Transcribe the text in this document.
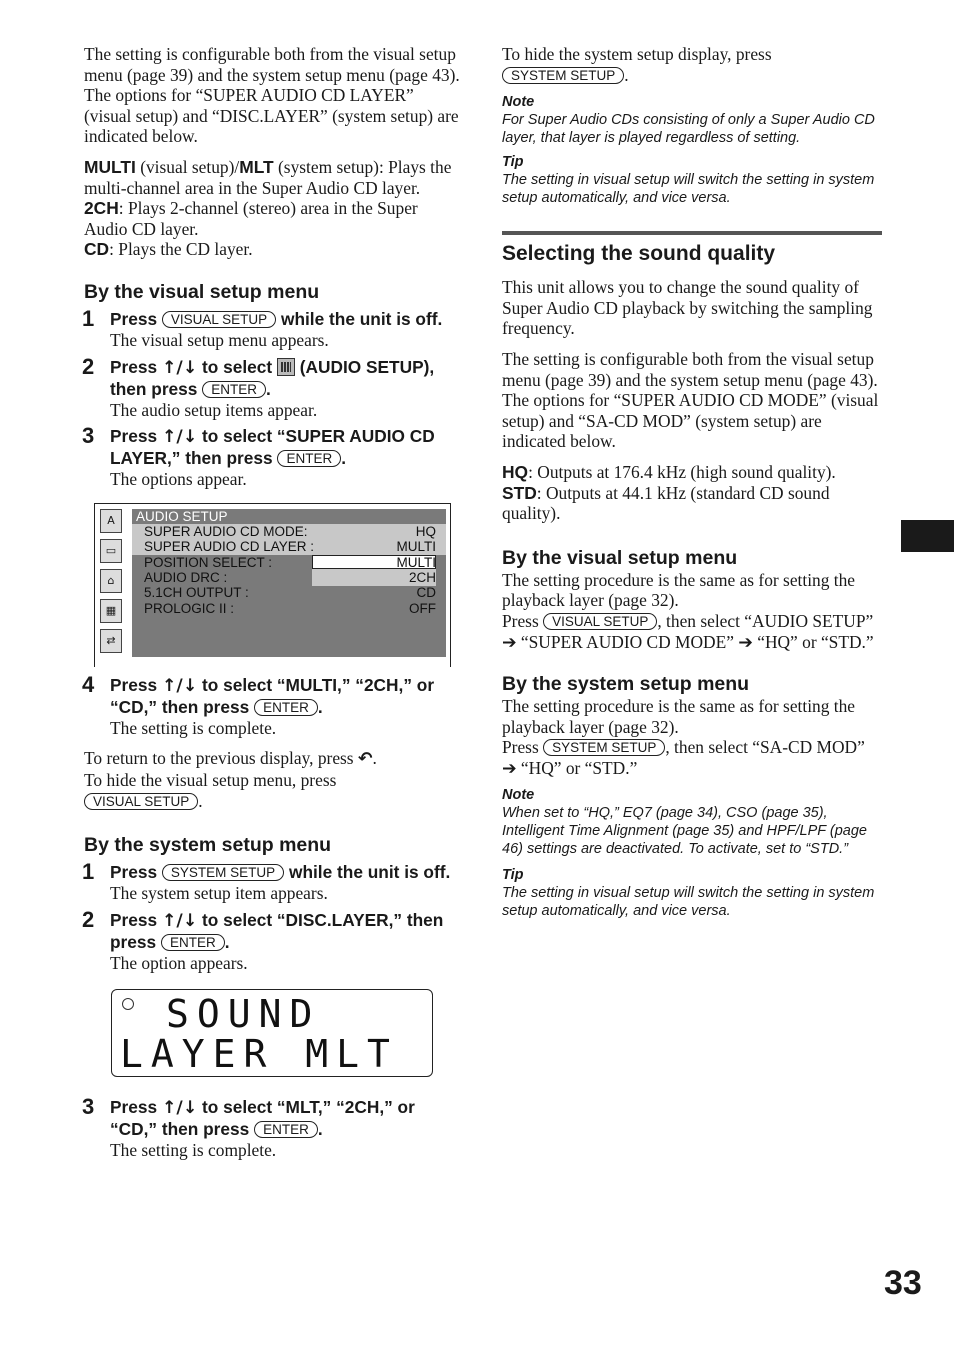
The setting is configurable both from the visual setup menu (page 39) and the system setup menu (page 43).

The options for “SUPER AUDIO CD LAYER” (visual setup) and “DISC.LAYER” (system setup) are indicated below.

MULTI (visual setup)/MLT (system setup): Plays the multi-channel area in the Super Audio CD layer.

2CH: Plays 2-channel (stereo) area in the Super Audio CD layer.

CD: Plays the CD layer.

By the visual setup menu
1 Press VISUAL SETUP while the unit is off.
The visual setup menu appears.
2 Press ↑/↓ to select (AUDIO SETUP), then press ENTER .
The audio setup items appear.
3 Press ↑/↓ to select “SUPER AUDIO CD LAYER,” then press ENTER .
The options appear.
A
▭
⌂
▦
⇄
AUDIO SETUP
SUPER AUDIO CD MODE:	HQ
SUPER AUDIO CD LAYER :	MULTI
POSITION SELECT :	MULTI
AUDIO DRC :	2CH
5.1CH OUTPUT :	CD
PROLOGIC II :	OFF
4 Press ↑/↓ to select “MULTI,” “2CH,” or “CD,” then press ENTER .
The setting is complete.

To return to the previous display, press ↶.

To hide the visual setup menu, press
VISUAL SETUP .

By the system setup menu
1 Press SYSTEM SETUP while the unit is off.
The system setup item appears.
2 Press ↑/↓ to select “DISC.LAYER,” then press ENTER .
The option appears.
SOUND
LAYER MLT
3 Press ↑/↓ to select “MLT,” “2CH,” or “CD,” then press ENTER .
The setting is complete.

To hide the system setup display, press
SYSTEM SETUP .

Note

For Super Audio CDs consisting of only a Super Audio CD layer, that layer is played regardless of setting.

Tip

The setting in visual setup will switch the setting in system setup automatically, and vice versa.

Selecting the sound quality

This unit allows you to change the sound quality of Super Audio CD playback by switching the sampling frequency.

The setting is configurable both from the visual setup menu (page 39) and the system setup menu (page 43).

The options for “SUPER AUDIO CD MODE” (visual setup) and “SA-CD MOD” (system setup) are indicated below.

HQ: Outputs at 176.4 kHz (high sound quality).

STD: Outputs at 44.1 kHz (standard CD sound quality).

By the visual setup menu

The setting procedure is the same as for setting the playback layer (page 32).

Press VISUAL SETUP , then select “AUDIO SETUP” ➔ “SUPER AUDIO CD MODE” ➔ “HQ” or “STD.”

By the system setup menu

The setting procedure is the same as for setting the playback layer (page 32).

Press SYSTEM SETUP , then select “SA-CD MOD” ➔ “HQ” or “STD.”

Note

When set to “HQ,” EQ7 (page 34), CSO (page 35), Intelligent Time Alignment (page 35) and HPF/LPF (page 46) settings are deactivated. To activate, set to “STD.”

Tip

The setting in visual setup will switch the setting in system setup automatically, and vice versa.

33
